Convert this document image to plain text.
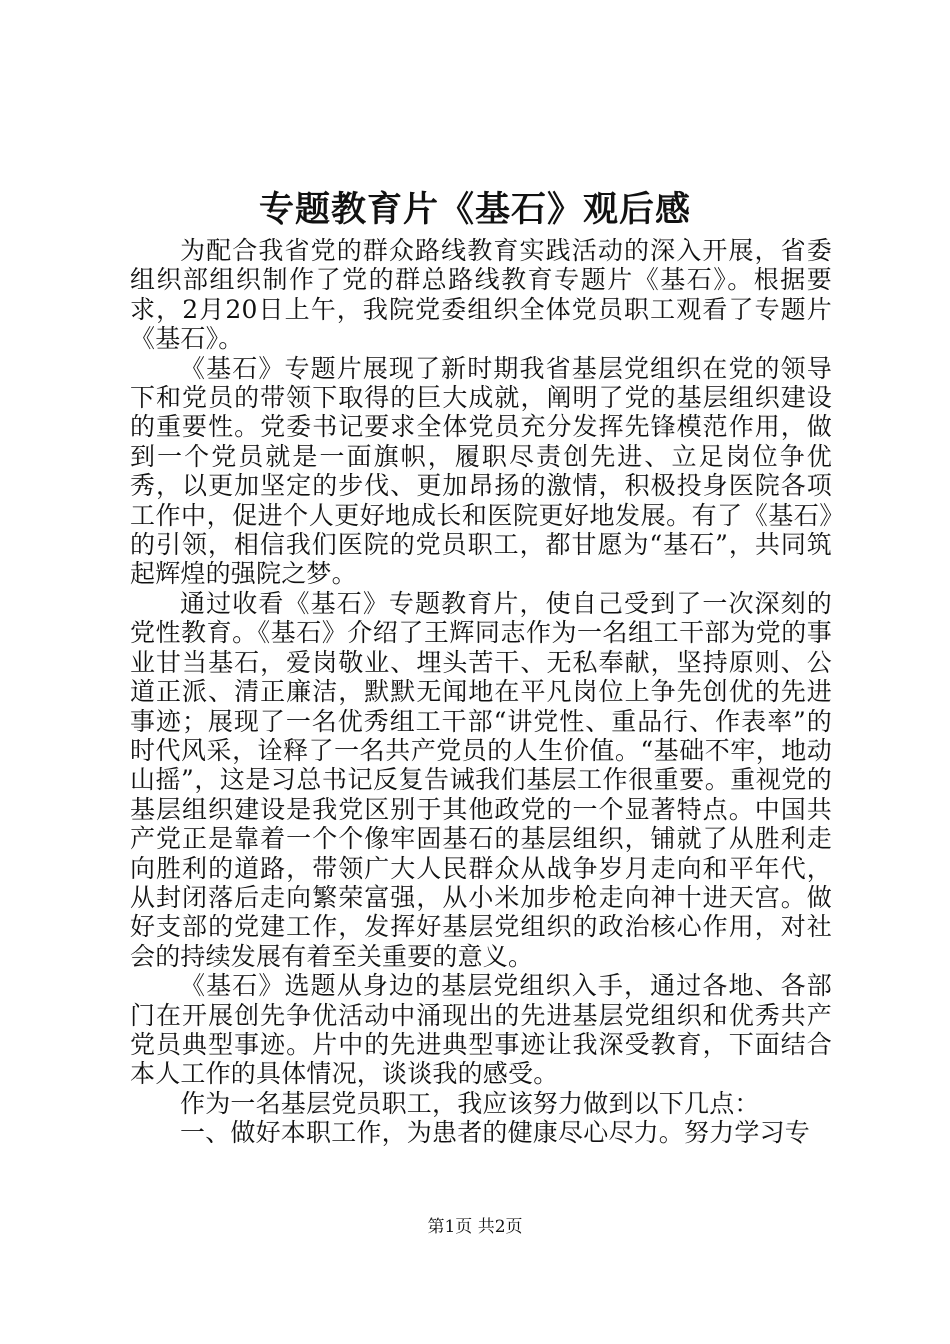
专题教育片《基石》观后感

为配合我省党的群众路线教育实践活动的深入开展，省委组织部组织制作了党的群总路线教育专题片《基石》。根据要求，2月20日上午，我院党委组织全体党员职工观看了专题片《基石》。

《基石》专题片展现了新时期我省基层党组织在党的领导下和党员的带领下取得的巨大成就，阐明了党的基层组织建设的重要性。党委书记要求全体党员充分发挥先锋模范作用，做到一个党员就是一面旗帜，履职尽责创先进、立足岗位争优秀，以更加坚定的步伐、更加昂扬的激情，积极投身医院各项工作中，促进个人更好地成长和医院更好地发展。有了《基石》的引领，相信我们医院的党员职工，都甘愿为“基石”，共同筑起辉煌的强院之梦。

通过收看《基石》专题教育片，使自己受到了一次深刻的党性教育。《基石》介绍了王辉同志作为一名组工干部为党的事业甘当基石，爱岗敬业、埋头苦干、无私奉献，坚持原则、公道正派、清正廉洁，默默无闻地在平凡岗位上争先创优的先进事迹；展现了一名优秀组工干部“讲党性、重品行、作表率”的时代风采，诠释了一名共产党员的人生价值。“基础不牢，地动山摇”，这是习总书记反复告诫我们基层工作很重要。重视党的基层组织建设是我党区别于其他政党的一个显著特点。中国共产党正是靠着一个个像牢固基石的基层组织，铺就了从胜利走向胜利的道路，带领广大人民群众从战争岁月走向和平年代，从封闭落后走向繁荣富强，从小米加步枪走向神十进天宫。做好支部的党建工作，发挥好基层党组织的政治核心作用，对社会的持续发展有着至关重要的意义。

《基石》选题从身边的基层党组织入手，通过各地、各部门在开展创先争优活动中涌现出的先进基层党组织和优秀共产党员典型事迹。片中的先进典型事迹让我深受教育，下面结合本人工作的具体情况，谈谈我的感受。

作为一名基层党员职工，我应该努力做到以下几点：

一、做好本职工作，为患者的健康尽心尽力。努力学习专

第1页 共2页
